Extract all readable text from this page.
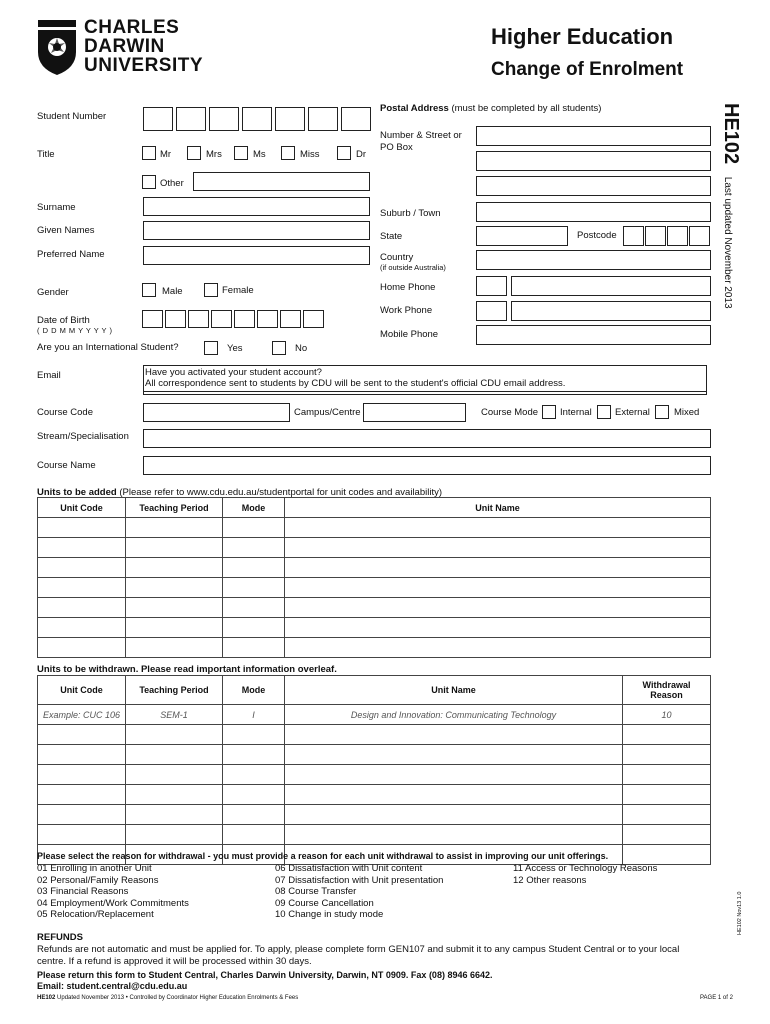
CHARLES
DARWIN
UNIVERSITY
Higher Education
Change of Enrolment
HE102 Last updated November 2013
Student Number
Title	Mr	Mrs	Ms	Miss	Dr
Other
Surname
Given Names
Preferred Name
Gender	Male	Female
Date of Birth
( D D M M Y Y Y Y )
Are you an International Student?	Yes	No
Postal Address (must be completed by all students)
Number & Street or
PO Box
Suburb / Town
State	Postcode
Country
(if outside Australia)
Home Phone
Work Phone
Mobile Phone
Email	Have you activated your student account?
All correspondence sent to students by CDU will be sent to the student's official CDU email address.
Course Code	Campus/Centre	Course Mode Internal External	Mixed
Stream/Specialisation
Course Name
Units to be added (Please refer to www.cdu.edu.au/studentportal for unit codes and availability)
Unit Code	Teaching Period	Mode	Unit Name

Units to be withdrawn. Please read important information overleaf.
Unit Code	Teaching Period	Mode	Unit Name	Withdrawal
Reason
Example: CUC 106	SEM-1	I	Design and Innovation: Communicating Technology	10

Please select the reason for withdrawal - you must provide a reason for each unit withdrawal to assist in improving our unit offerings.
01 Enrolling in another Unit
02 Personal/Family Reasons
03 Financial Reasons
04 Employment/Work Commitments
05 Relocation/Replacement
06 Dissatisfaction with Unit content
07 Dissatisfaction with Unit presentation
08 Course Transfer
09 Course Cancellation
10 Change in study mode
11 Access or Technology Reasons
12 Other reasons
REFUNDS
Refunds are not automatic and must be applied for. To apply, please complete form GEN107 and submit it to any campus Student Central or to your local
centre. If a refund is approved it will be processed within 30 days.
Please return this form to Student Central, Charles Darwin University, Darwin, NT 0909. Fax (08) 8946 6642.
Email: student.central@cdu.edu.au
HE102 Updated November 2013 • Controlled by Coordinator Higher Education Enrolments & Fees	PAGE 1 of 2
HE102 Nov13 1.0
